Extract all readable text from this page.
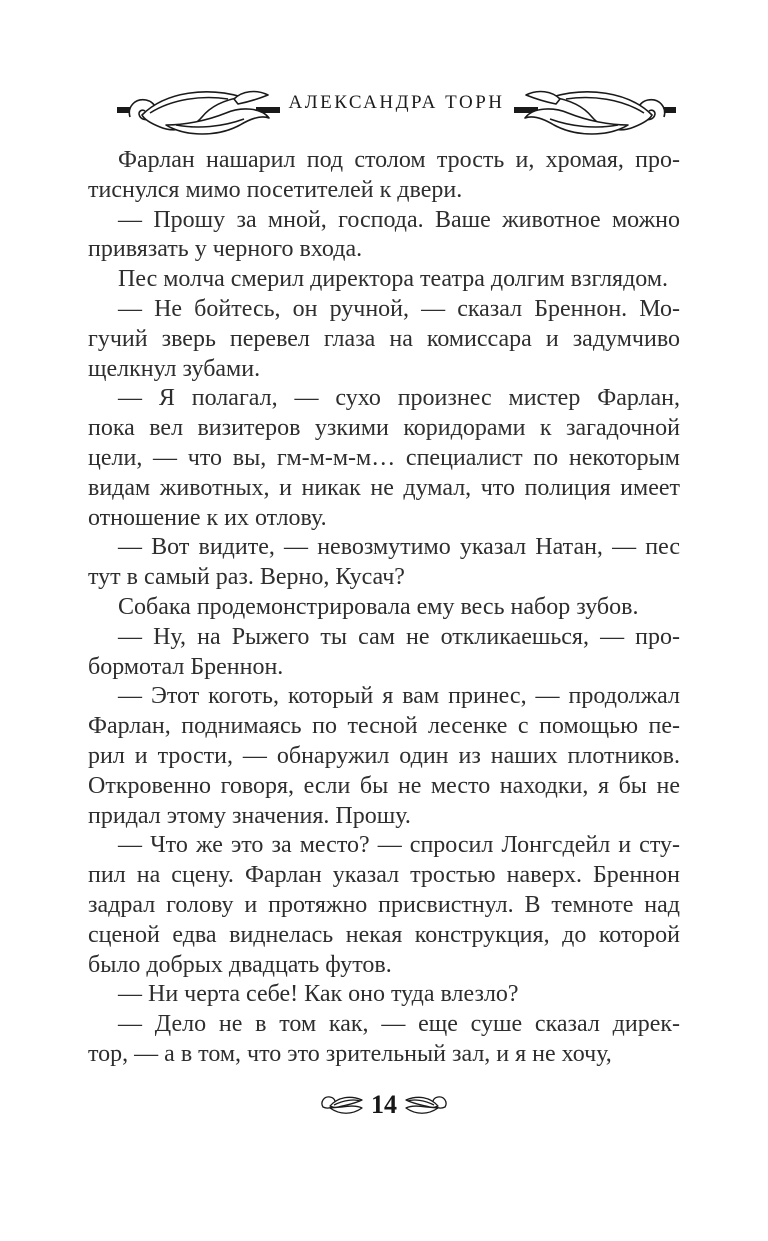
АЛЕКСАНДРА ТОРН
Фарлан нашарил под столом трость и, хромая, про-
тиснулся мимо посетителей к двери.
— Прошу за мной, господа. Ваше животное можно
привязать у черного входа.
Пес молча смерил директора театра долгим взглядом.
— Не бойтесь, он ручной, — сказал Бреннон. Мо-
гучий зверь перевел глаза на комиссара и задумчиво
щелкнул зубами.
— Я полагал, — сухо произнес мистер Фарлан,
пока вел визитеров узкими коридорами к загадочной
цели, — что вы, гм-м-м-м… специалист по некоторым
видам животных, и никак не думал, что полиция имеет
отношение к их отлову.
— Вот видите, — невозмутимо указал Натан, — пес
тут в самый раз. Верно, Кусач?
Собака продемонстрировала ему весь набор зубов.
— Ну, на Рыжего ты сам не откликаешься, — про-
бормотал Бреннон.
— Этот коготь, который я вам принес, — продолжал
Фарлан, поднимаясь по тесной лесенке с помощью пе-
рил и трости, — обнаружил один из наших плотников.
Откровенно говоря, если бы не место находки, я бы не
придал этому значения. Прошу.
— Что же это за место? — спросил Лонгсдейл и сту-
пил на сцену. Фарлан указал тростью наверх. Бреннон
задрал голову и протяжно присвистнул. В темноте над
сценой едва виднелась некая конструкция, до которой
было добрых двадцать футов.
— Ни черта себе! Как оно туда влезло?
— Дело не в том как, — еще суше сказал дирек-
тор, — а в том, что это зрительный зал, и я не хочу,
14
